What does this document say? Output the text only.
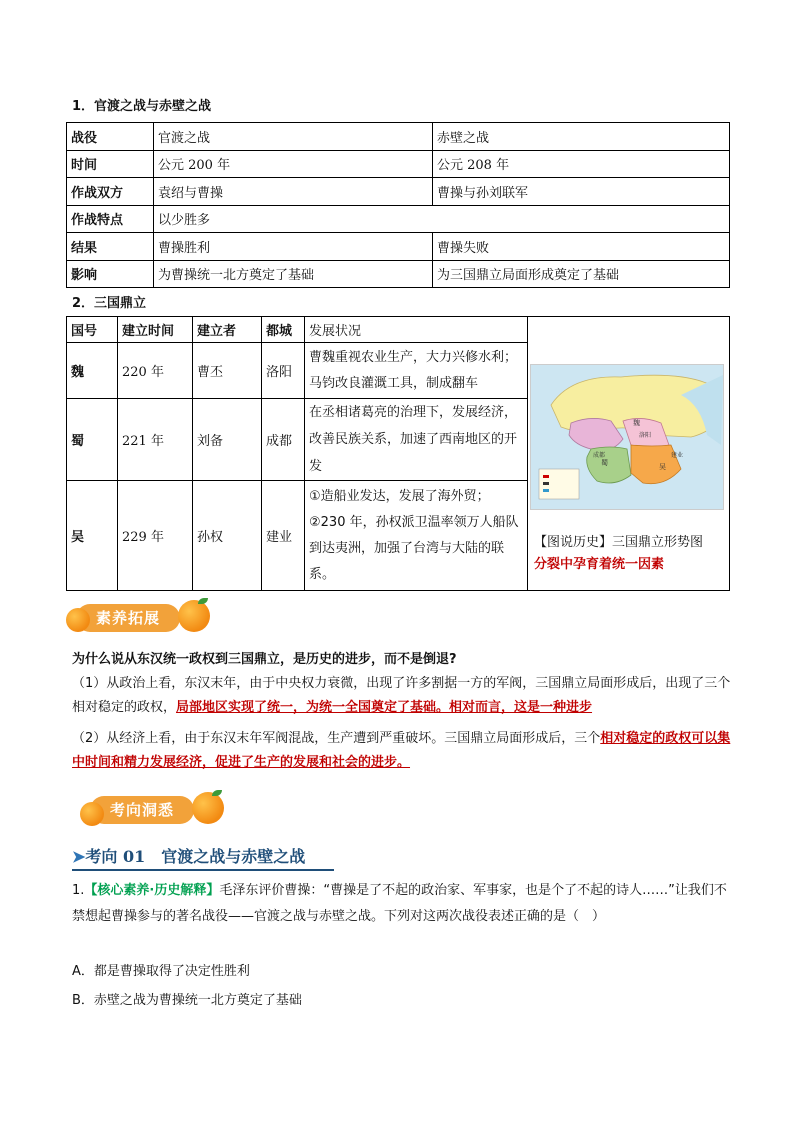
1．官渡之战与赤壁之战
战役	官渡之战	赤壁之战
时间	公元 200 年	公元 208 年
作战双方	袁绍与曹操	曹操与孙刘联军
作战特点	以少胜多	
结果	曹操胜利	曹操失败
影响	为曹操统一北方奠定了基础	为三国鼎立局面形成奠定了基础
2．三国鼎立
国号	建立时间	建立者	都城	发展状况	【图说历史】三国鼎立形势图
分裂中孕育着统一因素

魏	220 年	曹丕	洛阳	曹魏重视农业生产，大力兴修水利；马钧改良灌溉工具，制成翻车	
蜀	221 年	刘备	成都	在丞相诸葛亮的治理下，发展经济，改善民族关系，加速了西南地区的开发	
吴	229 年	孙权	建业	①造船业发达，发展了海外贸；
②230 年，孙权派卫温率领万人船队到达夷洲，加强了台湾与大陆的联系。	
魏
蜀	吴
洛阳
成都	建业
素养拓展
为什么说从东汉统一政权到三国鼎立，是历史的进步，而不是倒退?
（1）从政治上看，东汉末年，由于中央权力衰微，出现了许多割据一方的军阀，三国鼎立局面形成后，出现了三个相对稳定的政权，局部地区实现了统一，为统一全国奠定了基础。相对而言，这是一种进步
（2）从经济上看，由于东汉末年军阀混战，生产遭到严重破坏。三国鼎立局面形成后，三个相对稳定的政权可以集中时间和精力发展经济，促进了生产的发展和社会的进步。
考向洞悉
➤考向 01　官渡之战与赤壁之战
1.【核心素养·历史解释】毛泽东评价曹操：“曹操是了不起的政治家、军事家，也是个了不起的诗人……”让我们不禁想起曹操参与的著名战役——官渡之战与赤壁之战。下列对这两次战役表述正确的是（　）
A．都是曹操取得了决定性胜利
B．赤壁之战为曹操统一北方奠定了基础
